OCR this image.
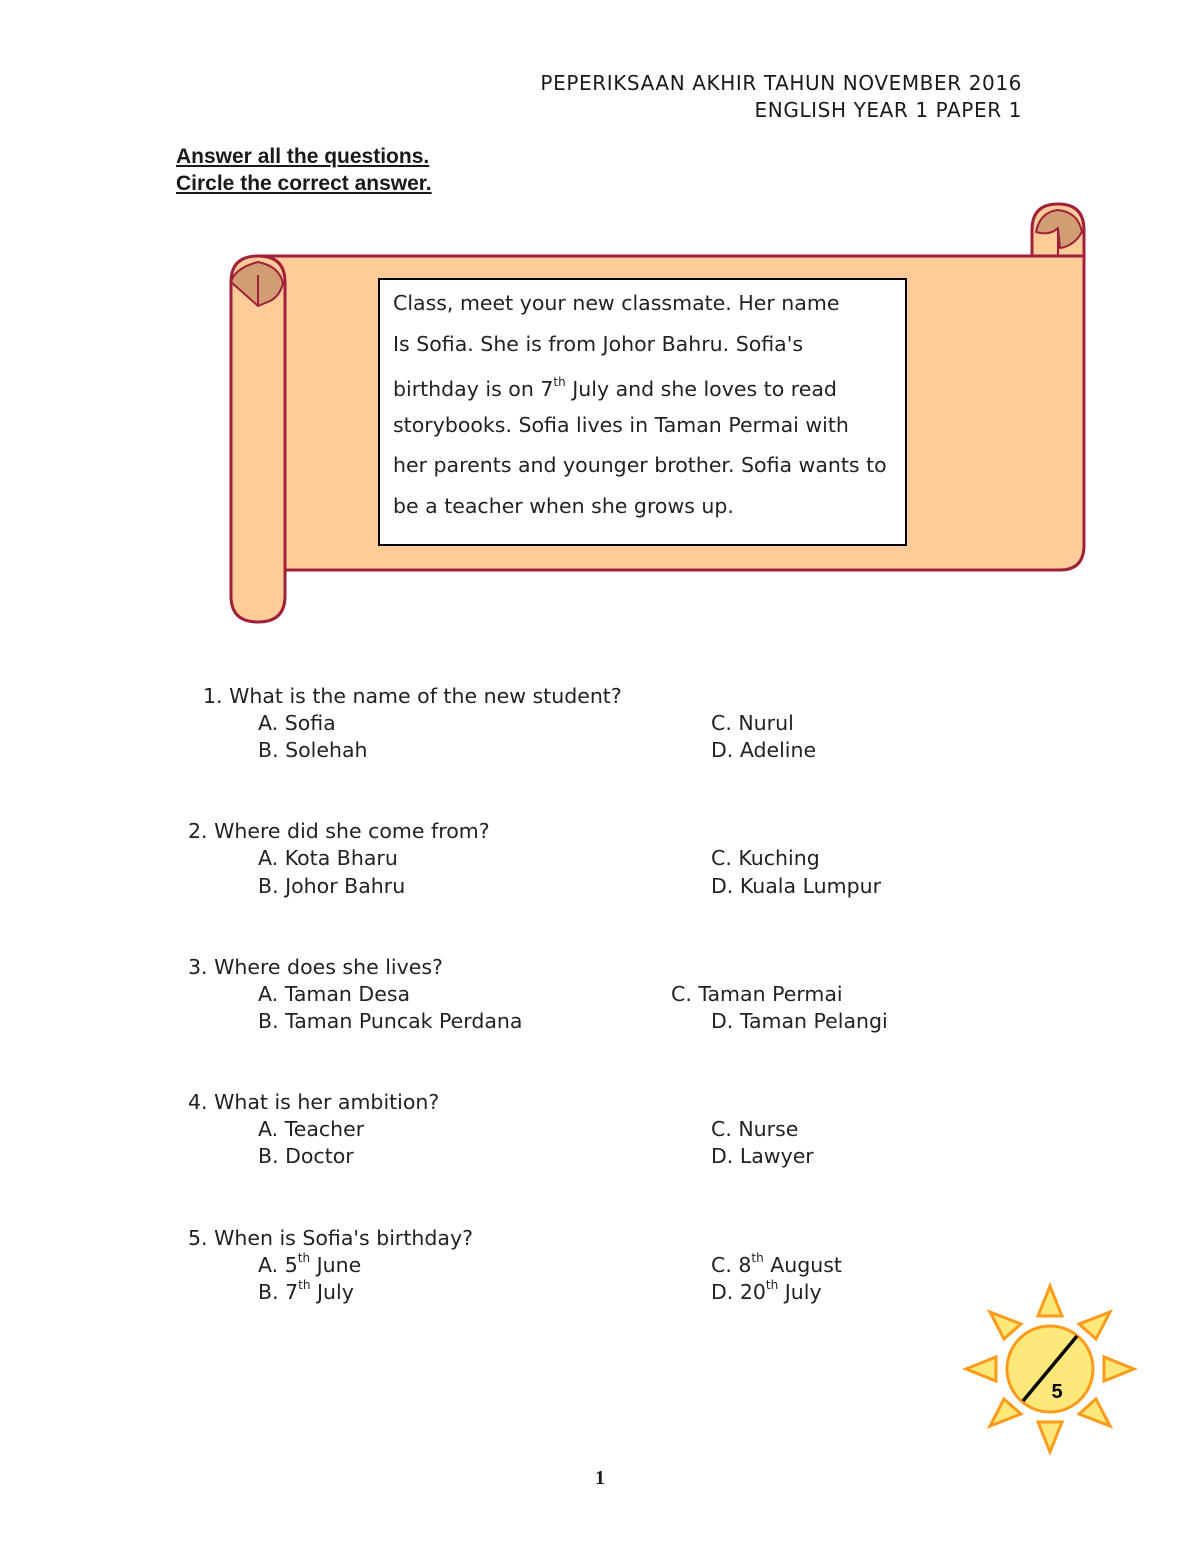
PEPERIKSAAN AKHIR TAHUN NOVEMBER 2016
ENGLISH YEAR 1 PAPER 1
Answer all the questions.
Circle the correct answer.
Class, meet your new classmate. Her name
Is Sofia. She is from Johor Bahru. Sofia's
birthday is on 7th July and she loves to read
storybooks. Sofia lives in Taman Permai with
her parents and younger brother. Sofia wants to
be a teacher when she grows up.
1. What is the name of the new student?
A. Sofia
B. Solehah
C. Nurul
D. Adeline
2. Where did she come from?
A. Kota Bharu
B. Johor Bahru
C. Kuching
D. Kuala Lumpur
3. Where does she lives?
A. Taman Desa
B. Taman Puncak Perdana
C. Taman Permai
D. Taman Pelangi
4. What is her ambition?
A. Teacher
B. Doctor
C. Nurse
D. Lawyer
5. When is Sofia's birthday?
A. 5th June
B. 7th July
C. 8th August
D. 20th July
5
1
